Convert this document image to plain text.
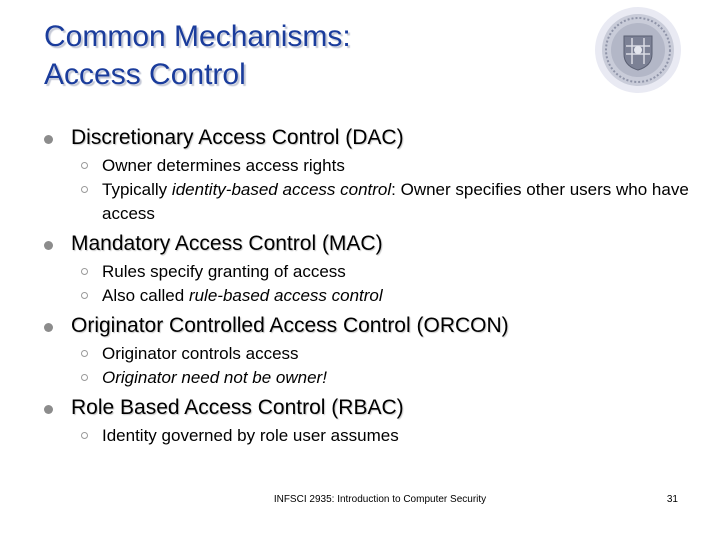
Common Mechanisms:
Access Control
Discretionary Access Control (DAC)
Owner determines access rights
Typically identity-based access control: Owner specifies other users who have access
Mandatory Access Control (MAC)
Rules specify granting of access
Also called rule-based access control
Originator Controlled Access Control (ORCON)
Originator controls access
Originator need not be owner!
Role Based Access Control (RBAC)
Identity governed by role user assumes
INFSCI 2935: Introduction to Computer Security	31
